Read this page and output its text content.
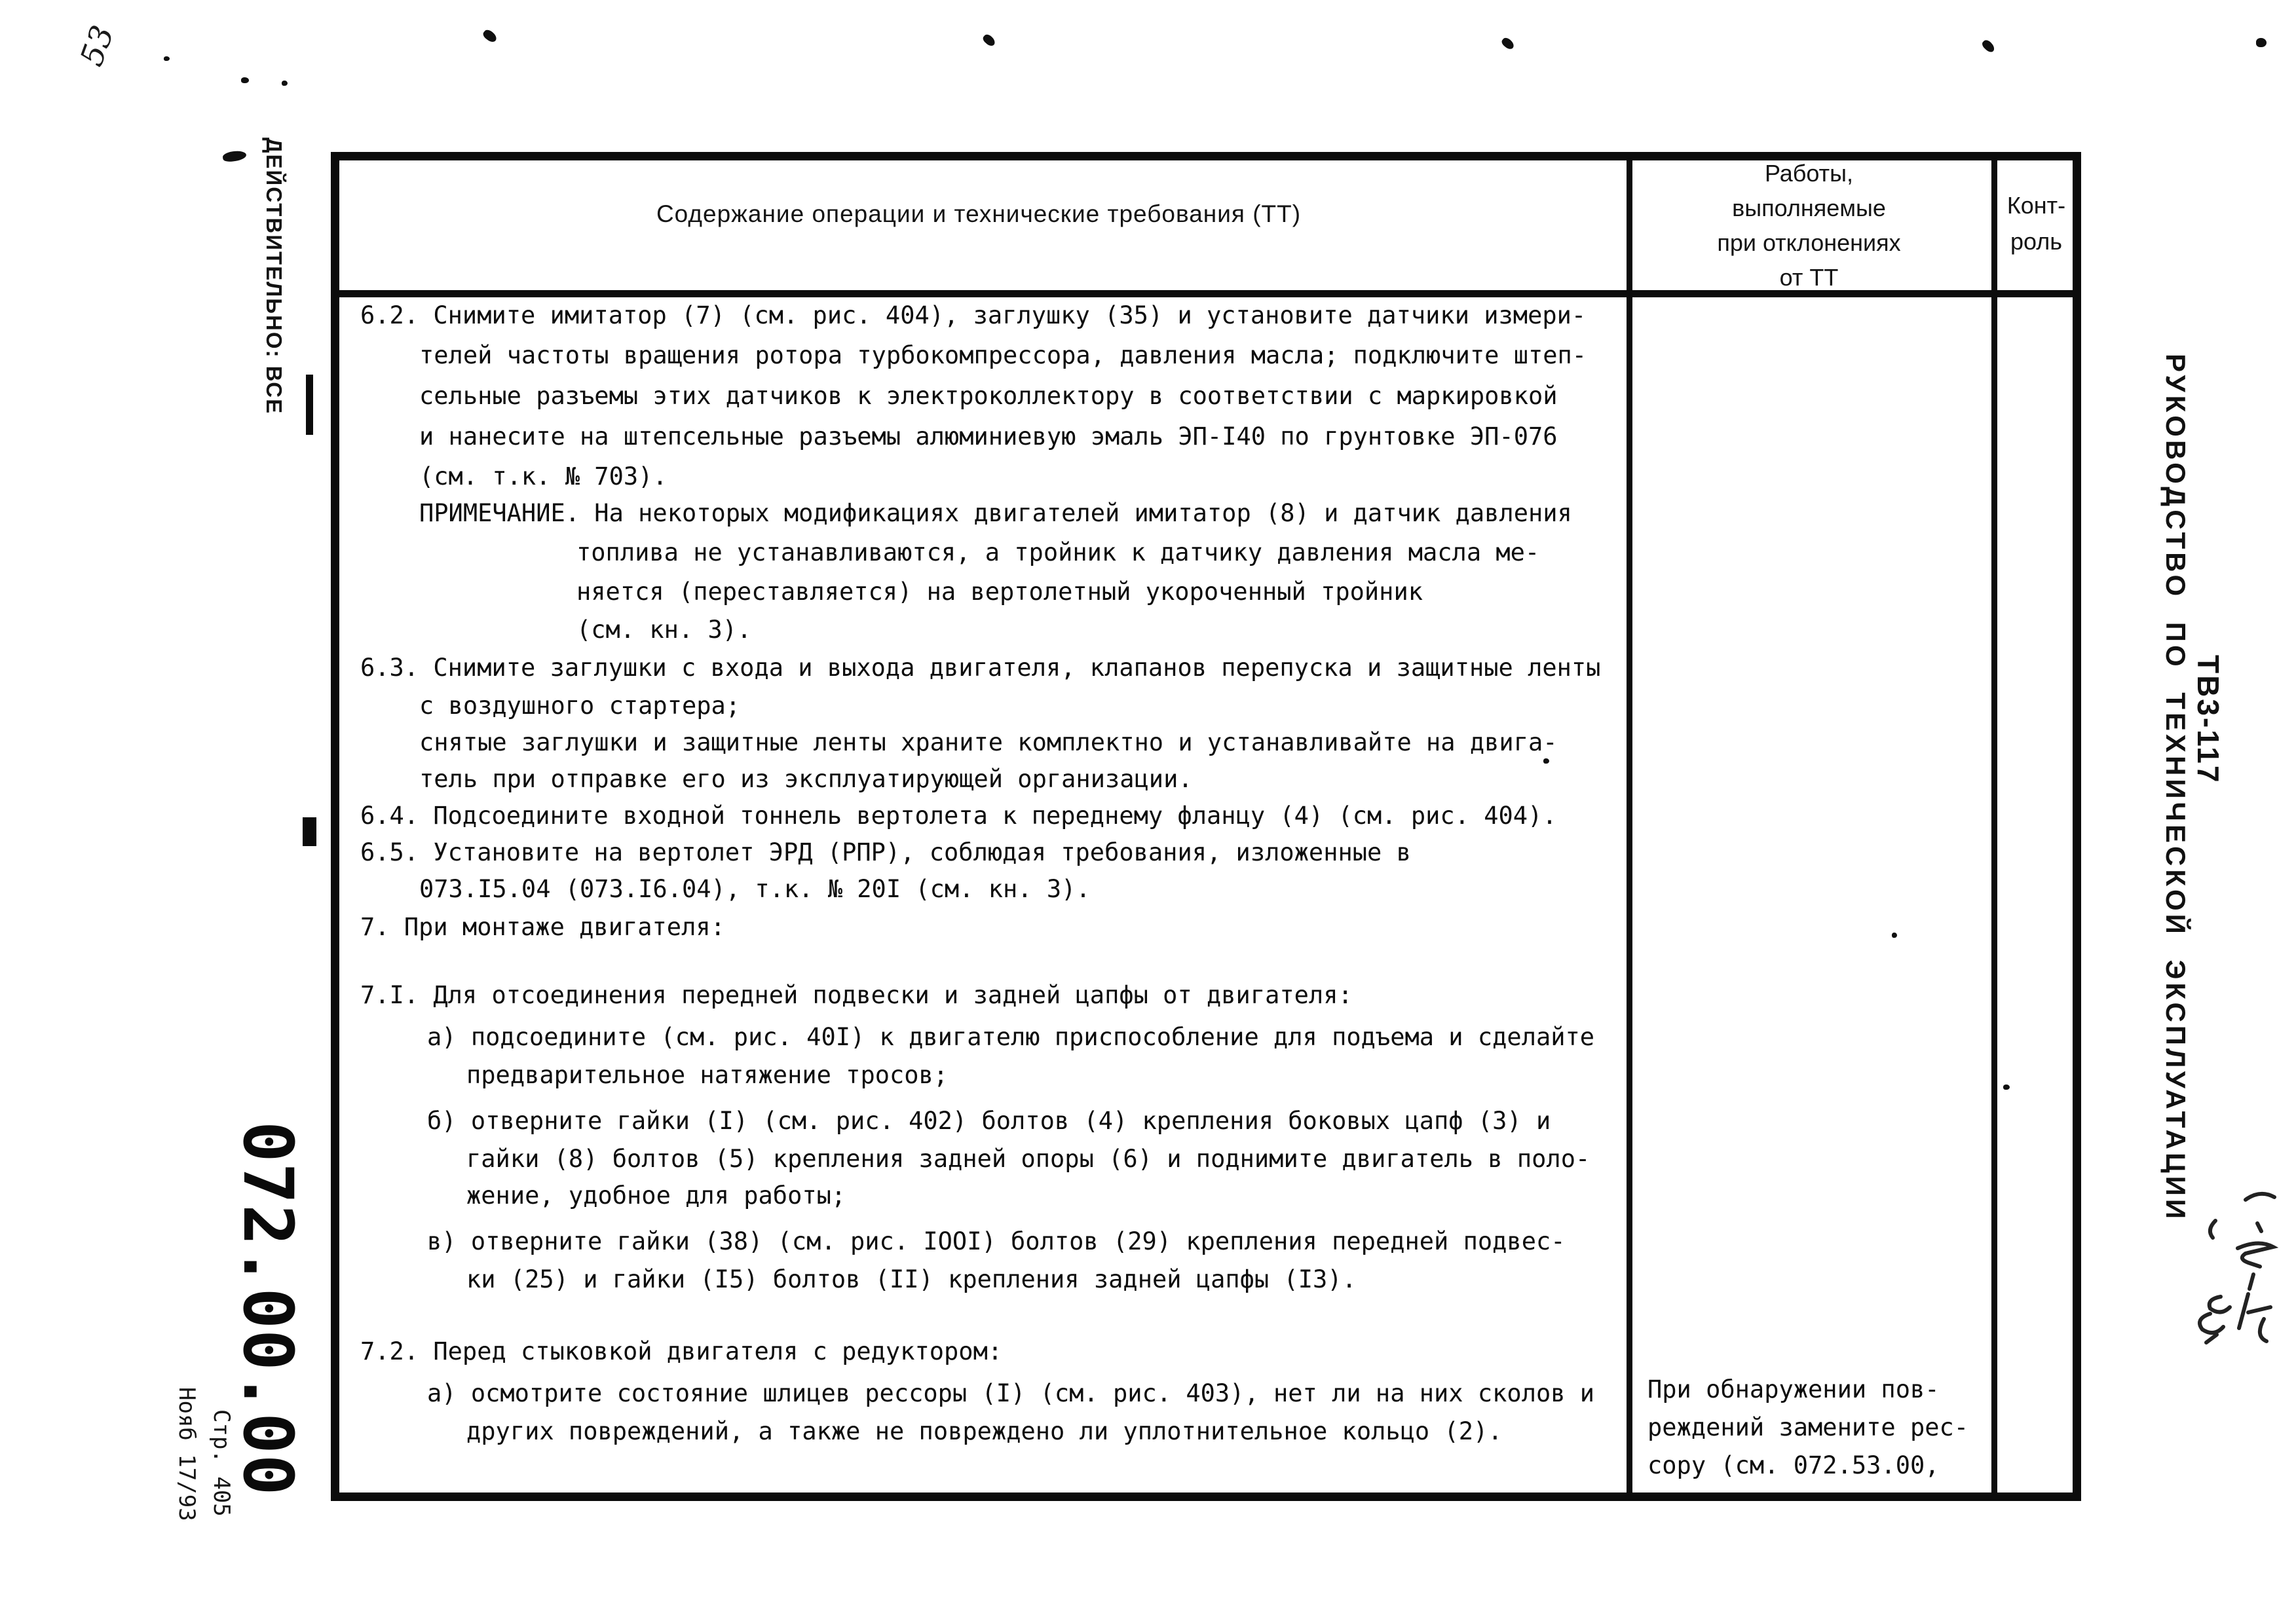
53
ДЕЙСТВИТЕЛЬНО: ВСЕ
072.00.00
Стр. 405
Нояб 17/93
РУКОВОДСТВО ПО ТЕХНИЧЕСКОЙ ЭКСПЛУАТАЦИИ ТВ3-117
Содержание операции и технические требования (ТТ)
Работы,
выполняемые
при отклонениях
от ТТ
Конт-
роль
6.2. Снимите имитатор (7) (см. рис. 404), заглушку (35) и установите датчики измери-
телей частоты вращения ротора турбокомпрессора, давления масла; подключите штеп-
сельные разъемы этих датчиков к электроколлектору в соответствии с маркировкой
и нанесите на штепсельные разъемы алюминиевую эмаль ЭП-I40 по грунтовке ЭП-076
(см. т.к. № 703).
ПРИМЕЧАНИЕ. На некоторых модификациях двигателей имитатор (8) и датчик давления
топлива не устанавливаются, а тройник к датчику давления масла ме-
няется (переставляется) на вертолетный укороченный тройник
(см. кн. 3).
6.3. Снимите заглушки с входа и выхода двигателя, клапанов перепуска и защитные ленты
с воздушного стартера;
снятые заглушки и защитные ленты храните комплектно и устанавливайте на двига-
тель при отправке его из эксплуатирующей организации.
6.4. Подсоедините входной тоннель вертолета к переднему фланцу (4) (см. рис. 404).
6.5. Установите на вертолет ЭРД (РПР), соблюдая требования, изложенные в
073.I5.04 (073.I6.04), т.к. № 20I (см. кн. 3).
7. При монтаже двигателя:
7.I. Для отсоединения передней подвески и задней цапфы от двигателя:
а) подсоедините (см. рис. 40I) к двигателю приспособление для подъема и сделайте
предварительное натяжение тросов;
б) отверните гайки (I) (см. рис. 402) болтов (4) крепления боковых цапф (3) и
гайки (8) болтов (5) крепления задней опоры (6) и поднимите двигатель в поло-
жение, удобное для работы;
в) отверните гайки (38) (см. рис. IООI) болтов (29) крепления передней подвес-
ки (25) и гайки (I5) болтов (II) крепления задней цапфы (I3).
7.2. Перед стыковкой двигателя с редуктором:
а) осмотрите состояние шлицев рессоры (I) (см. рис. 403), нет ли на них сколов и
других повреждений, а также не повреждено ли уплотнительное кольцо (2).
При обнаружении пов-
реждений замените рес-
сору (см. 072.53.00,
